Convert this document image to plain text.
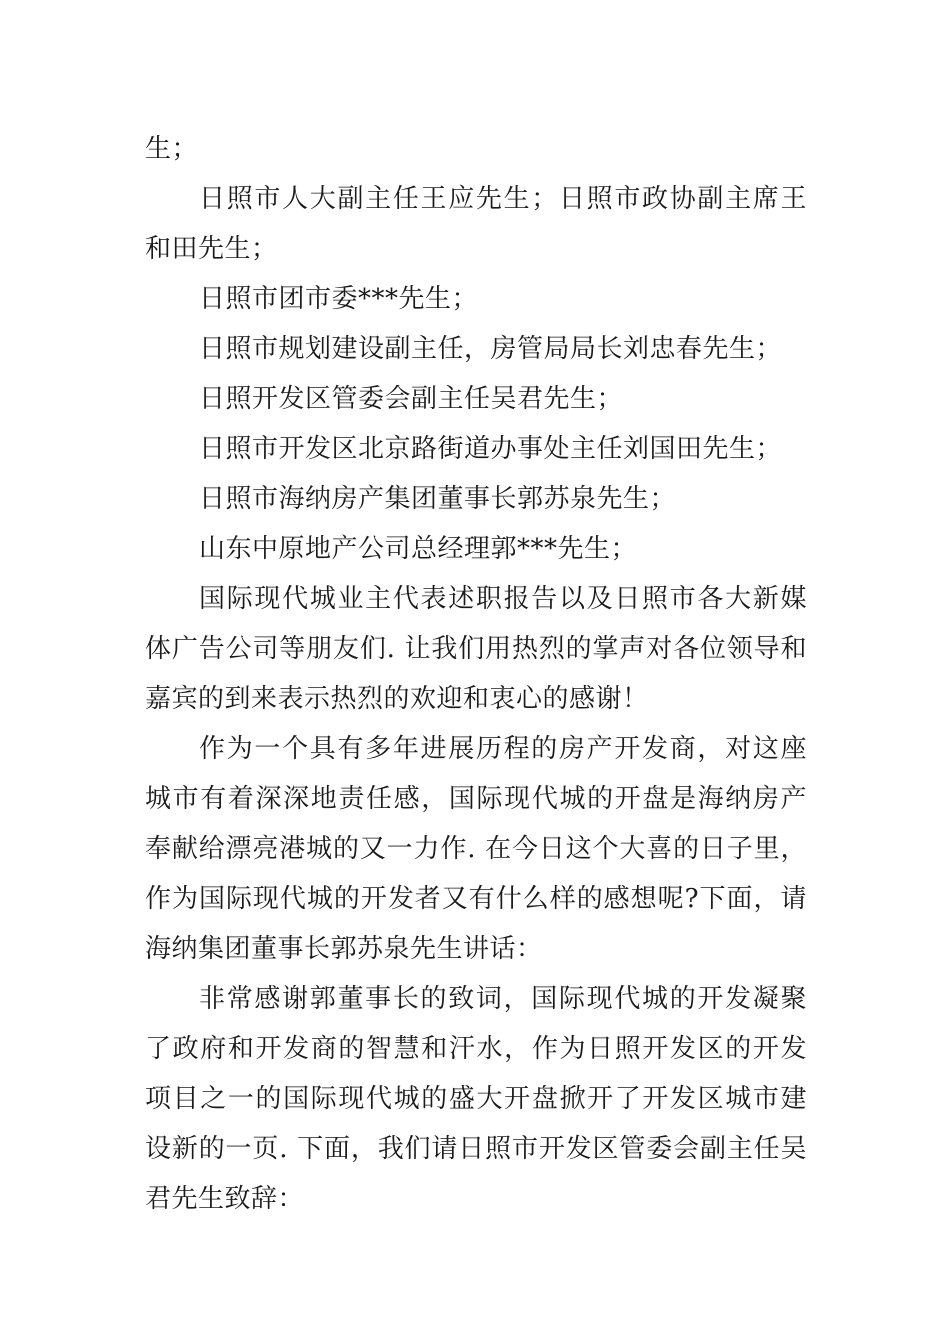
生；

日照市人大副主任王应先生；日照市政协副主席王和田先生；

日照市团市委***先生；

日照市规划建设副主任，房管局局长刘忠春先生；

日照开发区管委会副主任吴君先生；

日照市开发区北京路街道办事处主任刘国田先生；

日照市海纳房产集团董事长郭苏泉先生；

山东中原地产公司总经理郭***先生；

国际现代城业主代表述职报告以及日照市各大新媒体广告公司等朋友们. 让我们用热烈的掌声对各位领导和嘉宾的到来表示热烈的欢迎和衷心的感谢！

作为一个具有多年进展历程的房产开发商，对这座城市有着深深地责任感，国际现代城的开盘是海纳房产奉献给漂亮港城的又一力作. 在今日这个大喜的日子里，作为国际现代城的开发者又有什么样的感想呢?下面，请海纳集团董事长郭苏泉先生讲话：

非常感谢郭董事长的致词，国际现代城的开发凝聚了政府和开发商的智慧和汗水，作为日照开发区的开发项目之一的国际现代城的盛大开盘掀开了开发区城市建设新的一页. 下面，我们请日照市开发区管委会副主任吴君先生致辞：
